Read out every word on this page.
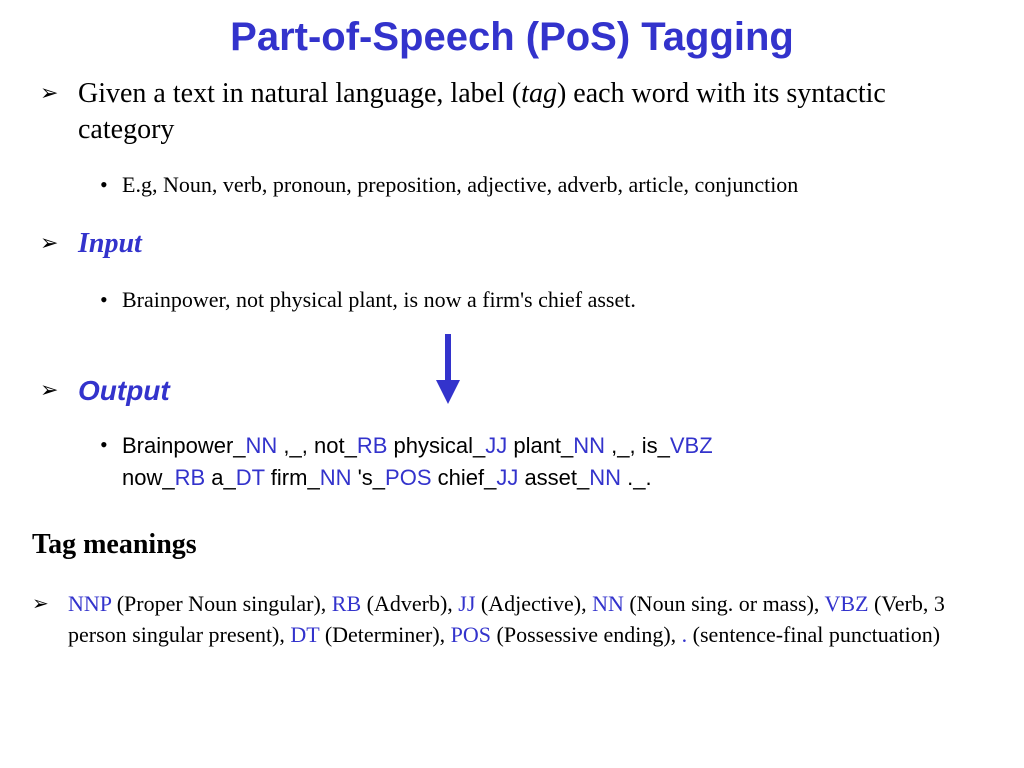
Part-of-Speech (PoS) Tagging
➢ Given a text in natural language, label (tag) each word with its syntactic category
• E.g, Noun, verb, pronoun, preposition, adjective, adverb, article, conjunction
➢ Input
• Brainpower, not physical plant, is now a firm's chief asset.
➢ Output
• Brainpower_NN ,_, not_RB physical_JJ plant_NN ,_, is_VBZ
now_RB a_DT firm_NN 's_POS chief_JJ asset_NN ._.
Tag meanings
➢ NNP (Proper Noun singular), RB (Adverb), JJ (Adjective), NN (Noun sing. or mass), VBZ (Verb, 3 person singular present), DT (Determiner), POS (Possessive ending), . (sentence-final punctuation)
